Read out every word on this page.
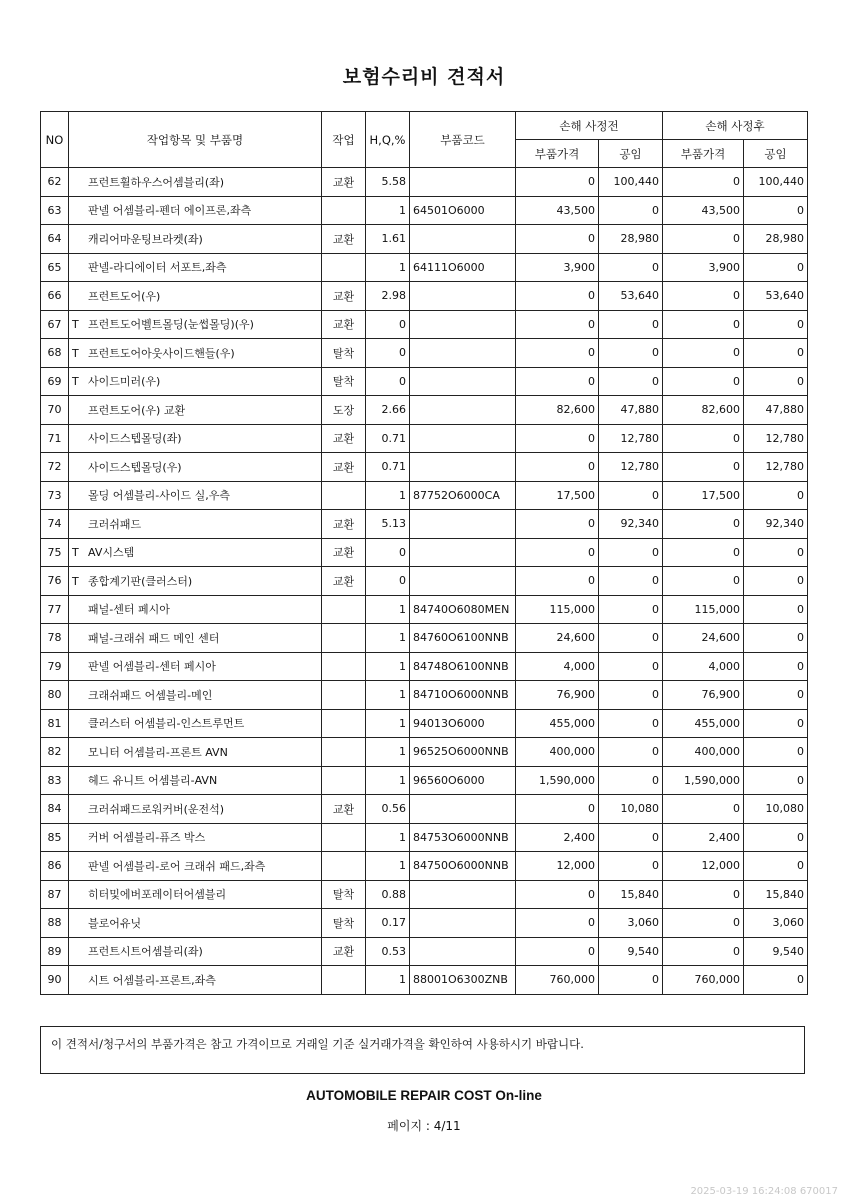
보험수리비 견적서
NO	작업항목 및 부품명	작업	H,Q,%	부품코드	손해 사정전		손해 사정후	
					부품가격	공임	부품가격	공임
62	프런트휠하우스어셈블리(좌)	교환	5.58		0	100,440	0	100,440
63	판넬 어셈블리-펜더 에이프론,좌측		1	64501O6000	43,500	0	43,500	0
64	캐리어마운팅브라켓(좌)	교환	1.61		0	28,980	0	28,980
65	판넬-라디에이터 서포트,좌측		1	64111O6000	3,900	0	3,900	0
66	프런트도어(우)	교환	2.98		0	53,640	0	53,640
67	T 프런트도어벨트몰딩(눈썹몰딩)(우)	교환	0		0	0	0	0
68	T 프런트도어아웃사이드핸들(우)	탈착	0		0	0	0	0
69	T 사이드미러(우)	탈착	0		0	0	0	0
70	프런트도어(우) 교환	도장	2.66		82,600	47,880	82,600	47,880
71	사이드스텝몰딩(좌)	교환	0.71		0	12,780	0	12,780
72	사이드스텝몰딩(우)	교환	0.71		0	12,780	0	12,780
73	몰딩 어셈블리-사이드 실,우측		1	87752O6000CA	17,500	0	17,500	0
74	크러쉬패드	교환	5.13		0	92,340	0	92,340
75	T AV시스템	교환	0		0	0	0	0
76	T 종합계기판(클러스터)	교환	0		0	0	0	0
77	패널-센터 페시아		1	84740O6080MEN	115,000	0	115,000	0
78	패널-크래쉬 패드 메인 센터		1	84760O6100NNB	24,600	0	24,600	0
79	판넬 어셈블리-센터 페시아		1	84748O6100NNB	4,000	0	4,000	0
80	크래쉬패드 어셈블리-메인		1	84710O6000NNB	76,900	0	76,900	0
81	클러스터 어셈블리-인스트루먼트		1	94013O6000	455,000	0	455,000	0
82	모니터 어셈블리-프론트 AVN		1	96525O6000NNB	400,000	0	400,000	0
83	헤드 유니트 어셈블리-AVN		1	96560O6000	1,590,000	0	1,590,000	0
84	크러쉬패드로워커버(운전석)	교환	0.56		0	10,080	0	10,080
85	커버 어셈블리-퓨즈 박스		1	84753O6000NNB	2,400	0	2,400	0
86	판넬 어셈블리-로어 크래쉬 패드,좌측		1	84750O6000NNB	12,000	0	12,000	0
87	히터및에버포레이터어셈블리	탈착	0.88		0	15,840	0	15,840
88	블로어유닛	탈착	0.17		0	3,060	0	3,060
89	프런트시트어셈블리(좌)	교환	0.53		0	9,540	0	9,540
90	시트 어셈블리-프론트,좌측		1	88001O6300ZNB	760,000	0	760,000	0
이 견적서/청구서의 부품가격은 참고 가격이므로 거래일 기준 실거래가격을 확인하여 사용하시기 바랍니다.
AUTOMOBILE REPAIR COST On-line
페이지 : 4/11
2025-03-19 16:24:08 670017
